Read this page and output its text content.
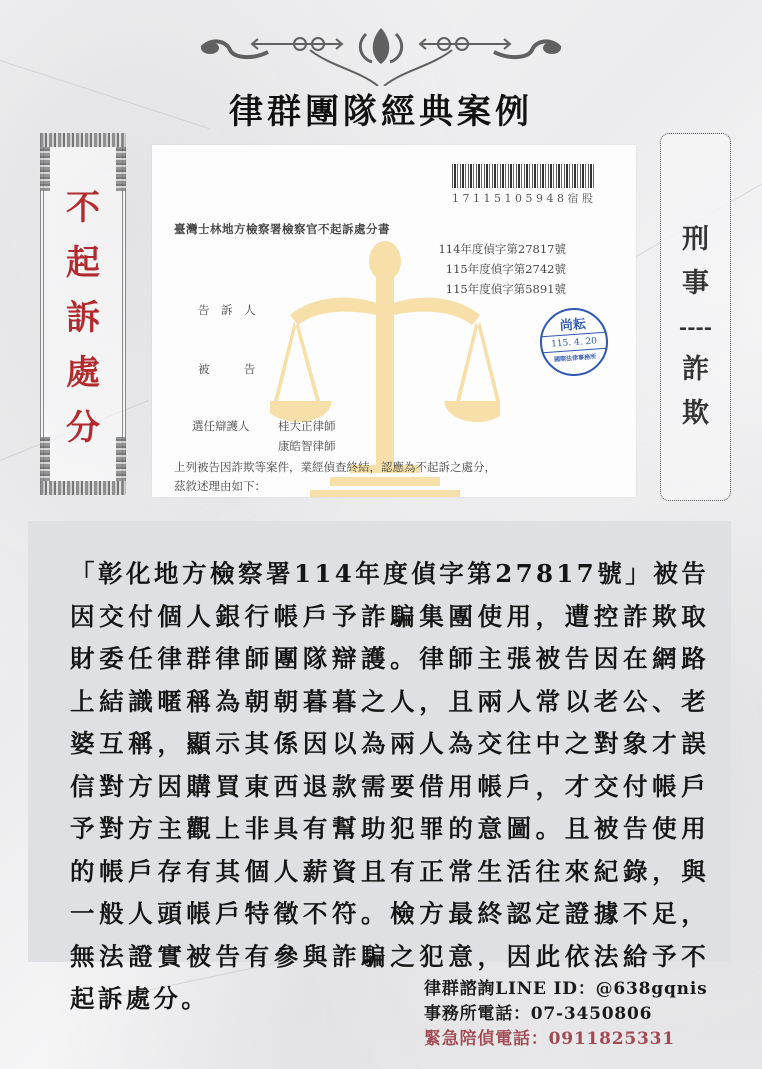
律群團隊經典案例
不
起
訴
處
分
刑
事
----
詐
欺
17115105948宿股
臺灣士林地方檢察署檢察官不起訴處分書
114年度偵字第27817號
115年度偵字第2742號
115年度偵字第5891號
告　訴　人
被　　　告
選任辯護人 桂大正律師
康皓智律師
尚耘
115. 4. 20
國際法律事務所
上列被告因詐欺等案件，業經偵查終結，認應為不起訴之處分，
茲敘述理由如下：

「彰化地方檢察署114年度偵字第27817號」被告因交付個人銀行帳戶予詐騙集團使用，遭控詐欺取財委任律群律師團隊辯護。律師主張被告因在網路上結識暱稱為朝朝暮暮之人，且兩人常以老公、老婆互稱，顯示其係因以為兩人為交往中之對象才誤信對方因購買東西退款需要借用帳戶，才交付帳戶予對方主觀上非具有幫助犯罪的意圖。且被告使用的帳戶存有其個人薪資且有正常生活往來紀錄，與一般人頭帳戶特徵不符。檢方最終認定證據不足，無法證實被告有參與詐騙之犯意，因此依法給予不起訴處分。	律群諮詢LINE ID：@638gqnis
事務所電話：07-3450806
緊急陪偵電話：0911825331
